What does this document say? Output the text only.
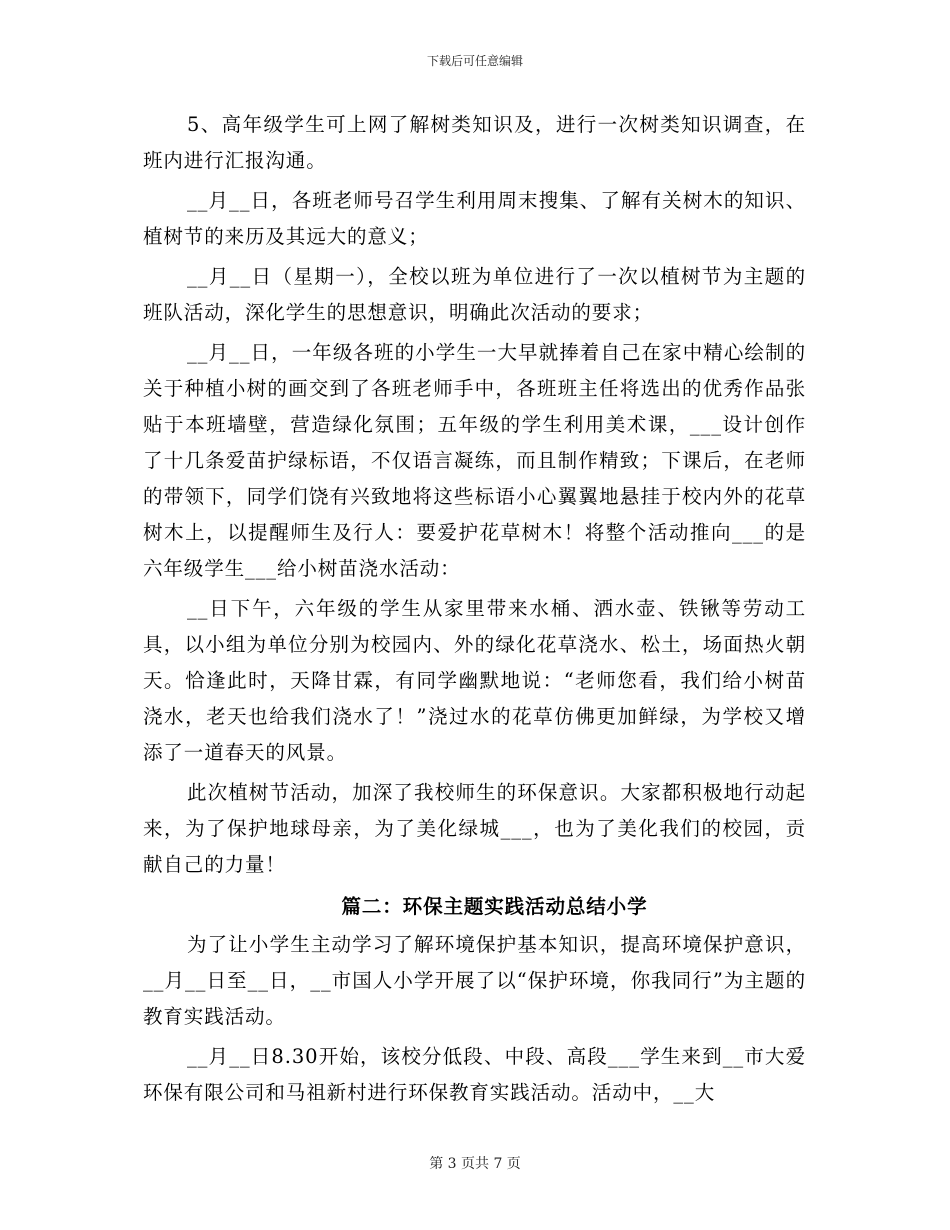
下载后可任意编辑

5、高年级学生可上网了解树类知识及，进行一次树类知识调查，在班内进行汇报沟通。

__月__日，各班老师号召学生利用周末搜集、了解有关树木的知识、植树节的来历及其远大的意义；

__月__日（星期一），全校以班为单位进行了一次以植树节为主题的班队活动，深化学生的思想意识，明确此次活动的要求；

__月__日，一年级各班的小学生一大早就捧着自己在家中精心绘制的关于种植小树的画交到了各班老师手中，各班班主任将选出的优秀作品张贴于本班墙壁，营造绿化氛围；五年级的学生利用美术课，___设计创作了十几条爱苗护绿标语，不仅语言凝练，而且制作精致；下课后，在老师的带领下，同学们饶有兴致地将这些标语小心翼翼地悬挂于校内外的花草树木上，以提醒师生及行人：要爱护花草树木！将整个活动推向___的是六年级学生___给小树苗浇水活动：

__日下午，六年级的学生从家里带来水桶、洒水壶、铁锹等劳动工具，以小组为单位分别为校园内、外的绿化花草浇水、松土，场面热火朝天。恰逢此时，天降甘霖，有同学幽默地说：“老师您看，我们给小树苗浇水，老天也给我们浇水了！”浇过水的花草仿佛更加鲜绿，为学校又增添了一道春天的风景。

此次植树节活动，加深了我校师生的环保意识。大家都积极地行动起来，为了保护地球母亲，为了美化绿城___，也为了美化我们的校园，贡献自己的力量！

篇二：环保主题实践活动总结小学

为了让小学生主动学习了解环境保护基本知识，提高环境保护意识，__月__日至__日，__市国人小学开展了以“保护环境，你我同行”为主题的教育实践活动。

__月__日8.30开始，该校分低段、中段、高段___学生来到__市大爱环保有限公司和马祖新村进行环保教育实践活动。活动中，__大

第 3 页共 7 页
